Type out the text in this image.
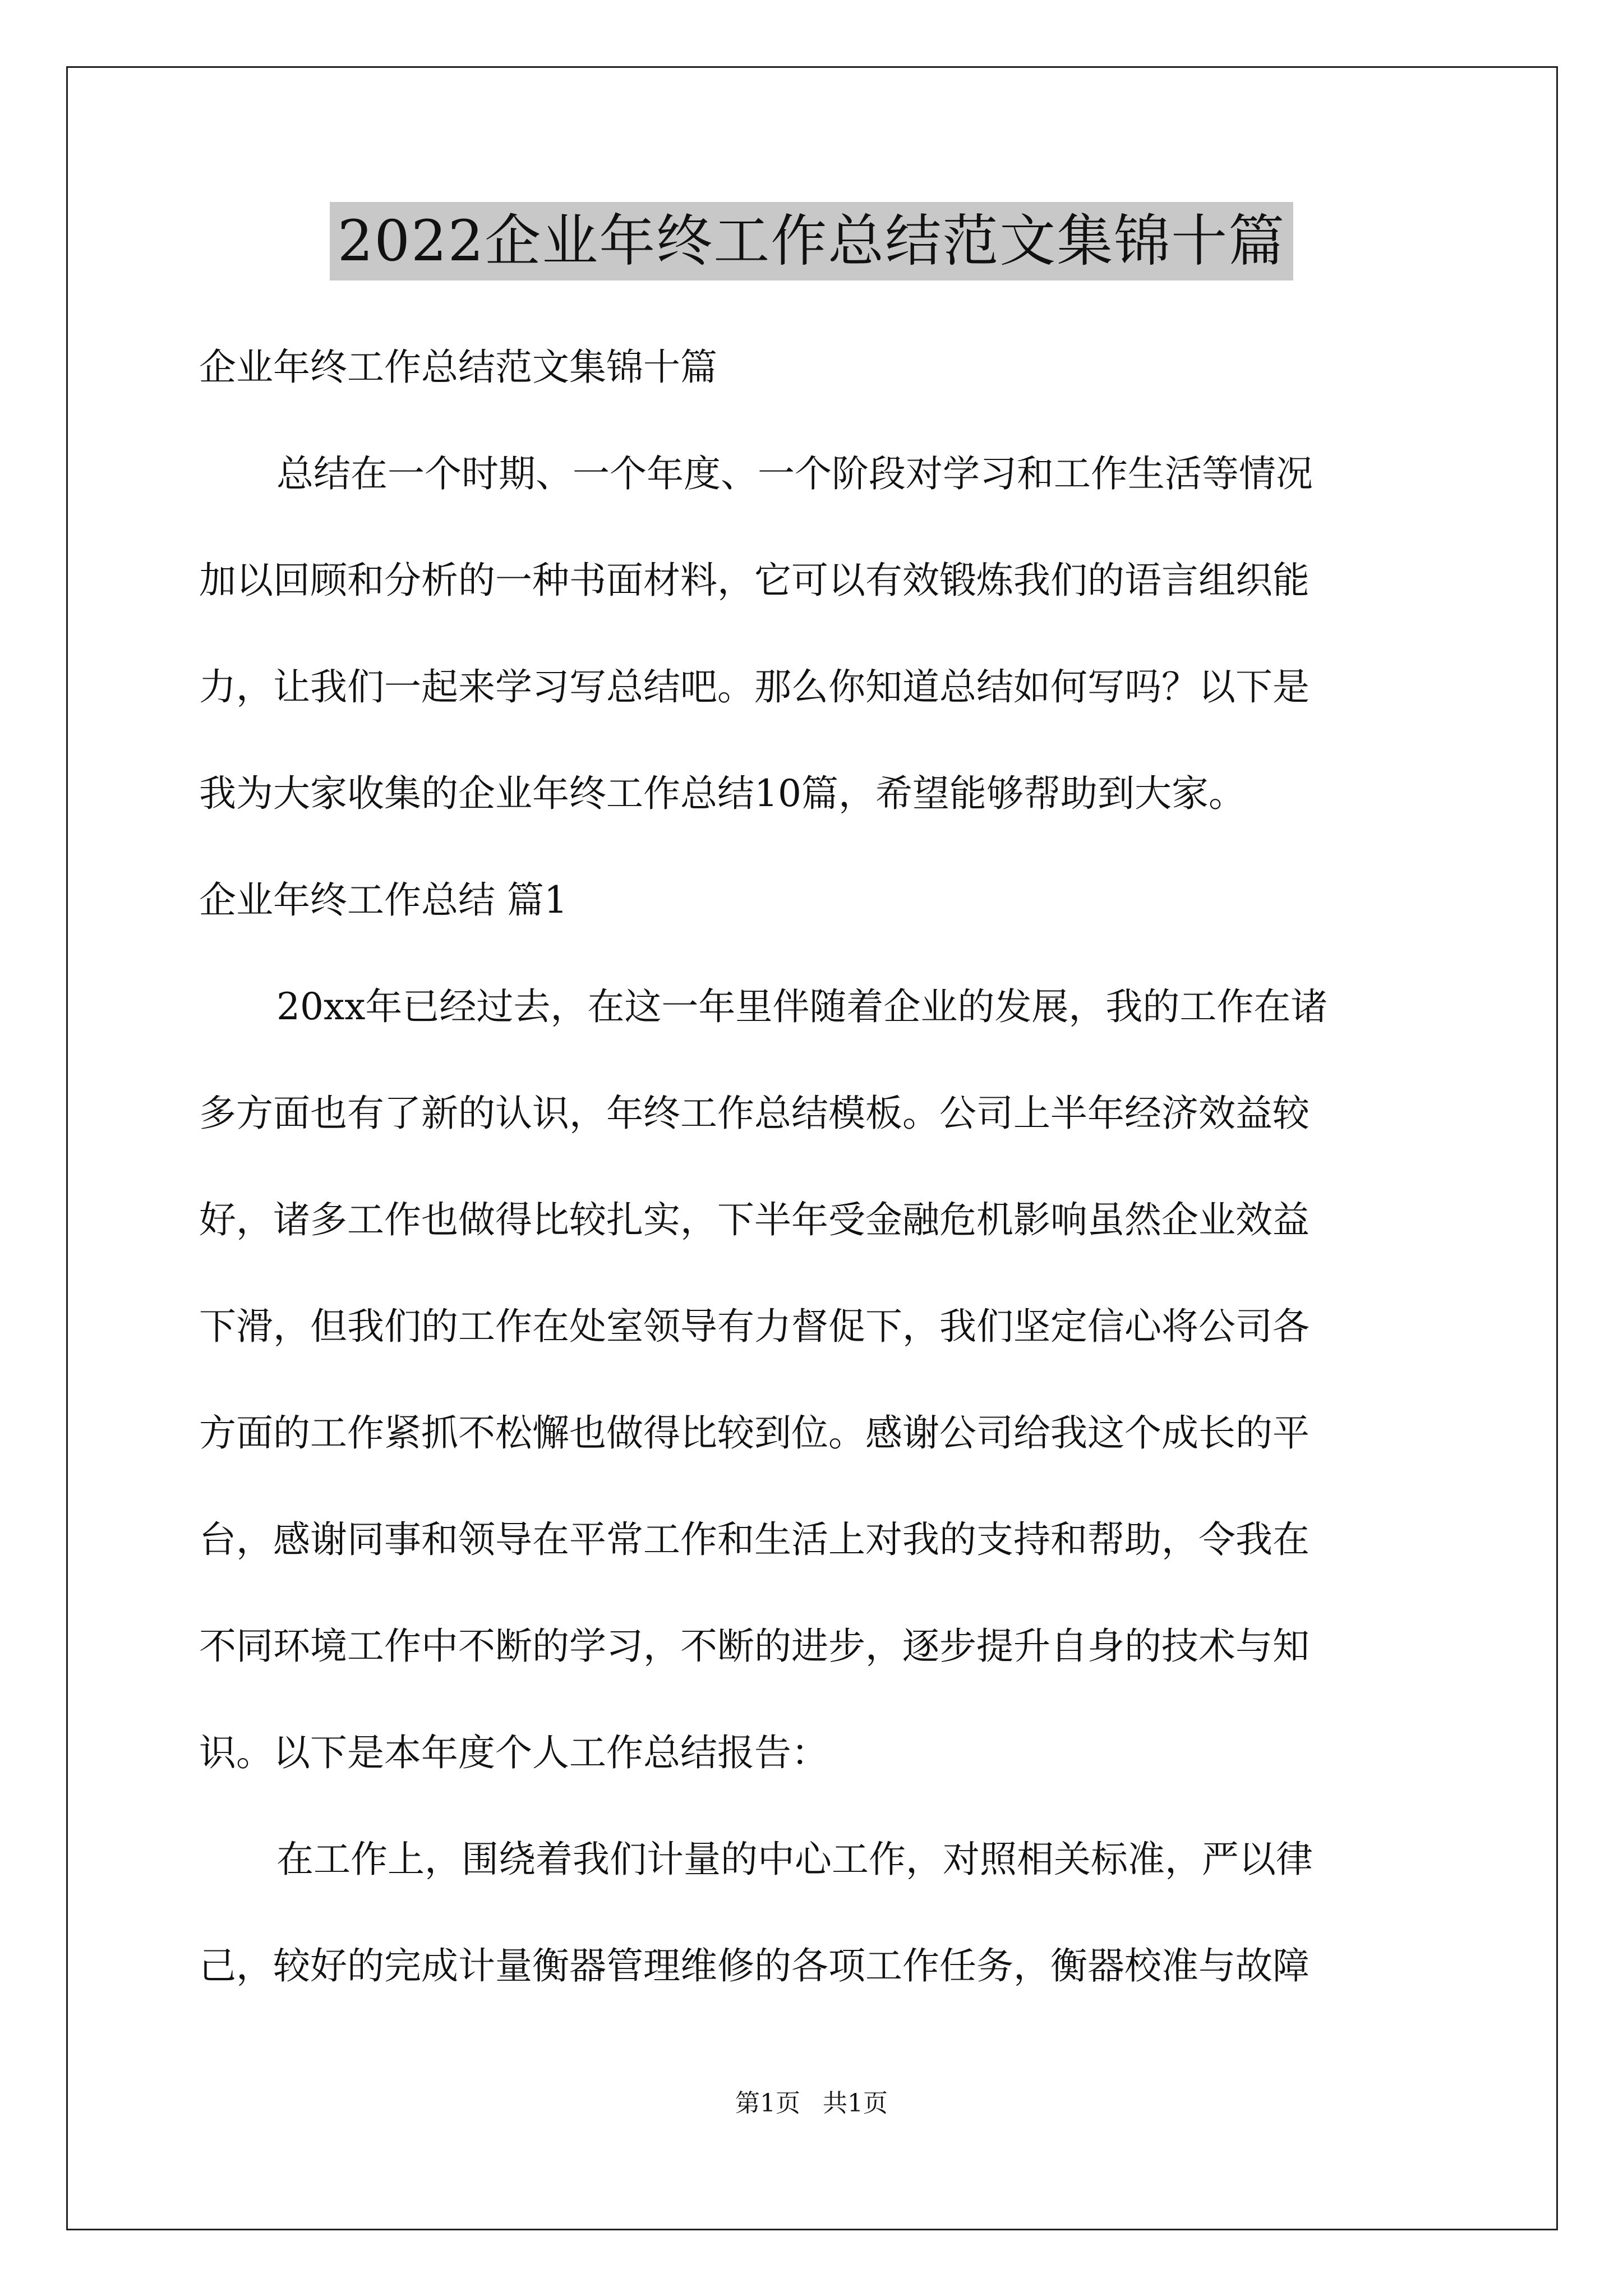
2022企业年终工作总结范文集锦十篇
企业年终工作总结范文集锦十篇
总结在一个时期、一个年度、一个阶段对学习和工作生活等情况
加以回顾和分析的一种书面材料，它可以有效锻炼我们的语言组织能
力，让我们一起来学习写总结吧。那么你知道总结如何写吗？以下是
我为大家收集的企业年终工作总结10篇，希望能够帮助到大家。
企业年终工作总结 篇1
20xx年已经过去，在这一年里伴随着企业的发展，我的工作在诸
多方面也有了新的认识，年终工作总结模板。公司上半年经济效益较
好，诸多工作也做得比较扎实，下半年受金融危机影响虽然企业效益
下滑，但我们的工作在处室领导有力督促下，我们坚定信心将公司各
方面的工作紧抓不松懈也做得比较到位。感谢公司给我这个成长的平
台，感谢同事和领导在平常工作和生活上对我的支持和帮助，令我在
不同环境工作中不断的学习，不断的进步，逐步提升自身的技术与知
识。以下是本年度个人工作总结报告：
在工作上，围绕着我们计量的中心工作，对照相关标准，严以律
己，较好的完成计量衡器管理维修的各项工作任务，衡器校准与故障
第1页 共1页
